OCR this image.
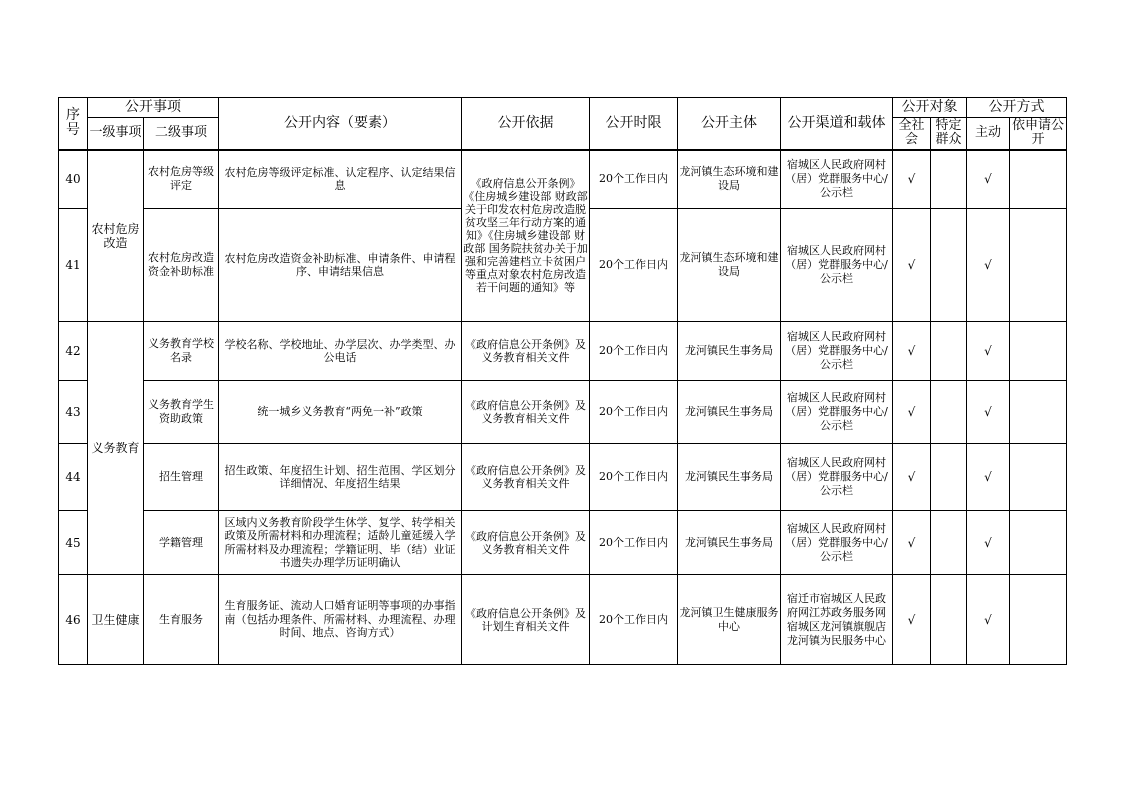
序号	公开事项		公开内容（要素）	公开依据	公开时限	公开主体	公开渠道和载体	公开对象		公开方式	
	一级事项	二级事项						全社会	特定群众	主动	依申请公开
40	农村危房改造	农村危房等级评定	农村危房等级评定标准、认定程序、认定结果信息	《政府信息公开条例》《住房城乡建设部 财政部关于印发农村危房改造脱贫攻坚三年行动方案的通知》《住房城乡建设部 财政部 国务院扶贫办关于加强和完善建档立卡贫困户等重点对象农村危房改造若干问题的通知》等	20个工作日内	龙河镇生态环境和建设局	宿城区人民政府网村（居）党群服务中心/公示栏	√		√	
41		农村危房改造资金补助标准	农村危房改造资金补助标准、申请条件、申请程序、申请结果信息		20个工作日内	龙河镇生态环境和建设局	宿城区人民政府网村（居）党群服务中心/公示栏	√		√	
42	义务教育	义务教育学校名录	学校名称、学校地址、办学层次、办学类型、办公电话	《政府信息公开条例》及义务教育相关文件	20个工作日内	龙河镇民生事务局	宿城区人民政府网村（居）党群服务中心/公示栏	√		√	
43		义务教育学生资助政策	统一城乡义务教育“两免一补”政策	《政府信息公开条例》及义务教育相关文件	20个工作日内	龙河镇民生事务局	宿城区人民政府网村（居）党群服务中心/公示栏	√		√	
44		招生管理	招生政策、年度招生计划、招生范围、学区划分详细情况、年度招生结果	《政府信息公开条例》及义务教育相关文件	20个工作日内	龙河镇民生事务局	宿城区人民政府网村（居）党群服务中心/公示栏	√		√	
45		学籍管理	区域内义务教育阶段学生休学、复学、转学相关政策及所需材料和办理流程；适龄儿童延缓入学所需材料及办理流程；学籍证明、毕（结）业证书遗失办理学历证明确认	《政府信息公开条例》及义务教育相关文件	20个工作日内	龙河镇民生事务局	宿城区人民政府网村（居）党群服务中心/公示栏	√		√	
46	卫生健康	生育服务	生育服务证、流动人口婚育证明等事项的办事指南（包括办理条件、所需材料、办理流程、办理时间、地点、咨询方式）	《政府信息公开条例》及计划生育相关文件	20个工作日内	龙河镇卫生健康服务中心	宿迁市宿城区人民政府网江苏政务服务网宿城区龙河镇旗舰店龙河镇为民服务中心	√		√	
